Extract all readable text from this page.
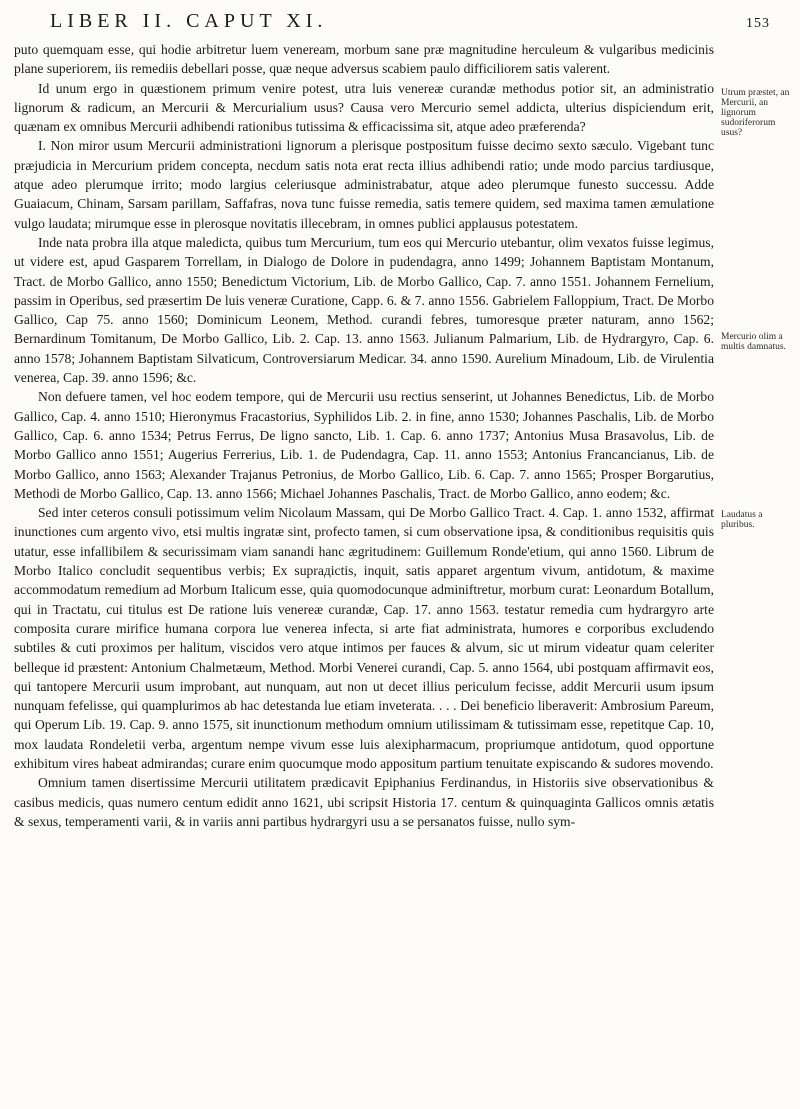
LIBER II. CAPUT XI.	153

puto quemquam esse, qui hodie arbitretur luem veneream, morbum sane præ magnitudine herculeum & vulgaribus medicinis plane superiorem, iis remediis debellari posse, quæ neque adversus scabiem paulo difficiliorem satis valerent.

Id unum ergo in quæstionem primum venire potest, utra luis venereæ curandæ methodus potior sit, an administratio lignorum & radicum, an Mercurii & Mercurialium usus? Causa vero Mercurio semel addicta, ulterius dispiciendum erit, quænam ex omnibus Mercurii adhibendi rationibus tutissima & efficacissima sit, atque adeo præferenda?

I. Non miror usum Mercurii administrationi lignorum a plerisque postpositum fuisse decimo sexto sæculo. Vigebant tunc præjudicia in Mercurium pridem concepta, necdum satis nota erat recta illius adhibendi ratio; unde modo parcius tardiusque, atque adeo plerumque irrito; modo largius celeriusque administrabatur, atque adeo plerumque funesto successu. Adde Guaiacum, Chinam, Sarsam parillam, Saffafras, nova tunc fuisse remedia, satis temere quidem, sed maxima tamen æmulatione vulgo laudata; mirumque esse in plerosque novitatis illecebram, in omnes publici applausus potestatem.

Inde nata probra illa atque maledicta, quibus tum Mercurium, tum eos qui Mercurio utebantur, olim vexatos fuisse legimus, ut videre est, apud Gasparem Torrellam, in Dialogo de Dolore in pudendagra, anno 1499; Johannem Baptistam Montanum, Tract. de Morbo Gallico, anno 1550; Benedictum Victorium, Lib. de Morbo Gallico, Cap. 7. anno 1551. Johannem Fernelium, passim in Operibus, sed præsertim De luis veneræ Curatione, Capp. 6. & 7. anno 1556. Gabrielem Falloppium, Tract. De Morbo Gallico, Cap 75. anno 1560; Dominicum Leonem, Method. curandi febres, tumoresque præter naturam, anno 1562; Bernardinum Tomitanum, De Morbo Gallico, Lib. 2. Cap. 13. anno 1563. Julianum Palmarium, Lib. de Hydrargyro, Cap. 6. anno 1578; Johannem Baptistam Silvaticum, Controversiarum Medicar. 34. anno 1590. Aurelium Minadoum, Lib. de Virulentia venerea, Cap. 39. anno 1596; &c.

Non defuere tamen, vel hoc eodem tempore, qui de Mercurii usu rectius senserint, ut Johannes Benedictus, Lib. de Morbo Gallico, Cap. 4. anno 1510; Hieronymus Fracastorius, Syphilidos Lib. 2. in fine, anno 1530; Johannes Paschalis, Lib. de Morbo Gallico, Cap. 6. anno 1534; Petrus Ferrus, De ligno sancto, Lib. 1. Cap. 6. anno 1737; Antonius Musa Brasavolus, Lib. de Morbo Gallico anno 1551; Augerius Ferrerius, Lib. 1. de Pudendagra, Cap. 11. anno 1553; Antonius Francancianus, Lib. de Morbo Gallico, anno 1563; Alexander Trajanus Petronius, de Morbo Gallico, Lib. 6. Cap. 7. anno 1565; Prosper Borgarutius, Methodi de Morbo Gallico, Cap. 13. anno 1566; Michael Johannes Paschalis, Tract. de Morbo Gallico, anno eodem; &c.

Sed inter ceteros consuli potissimum velim Nicolaum Massam, qui De Morbo Gallico Tract. 4. Cap. 1. anno 1532, affirmat inunctiones cum argento vivo, etsi multis ingratæ sint, profecto tamen, si cum observatione ipsa, & conditionibus requisitis quis utatur, esse infallibilem & securissimam viam sanandi hanc ægritudinem: Guillemum Ronde'etium, qui anno 1560. Librum de Morbo Italico concludit sequentibus verbis; Ex suprадictis, inquit, satis apparet argentum vivum, antidotum, & maxime accommodatum remedium ad Morbum Italicum esse, quia quomodocunque adminiftretur, morbum curat: Leonardum Botallum, qui in Tractatu, cui titulus est De ratione luis venereæ curandæ, Cap. 17. anno 1563. testatur remedia cum hydrargyro arte composita curare mirifice humana corpora lue venerea infecta, si arte fiat administrata, humores e corporibus excludendo subtiles & cuti proximos per halitum, viscidos vero atque intimos per fauces & alvum, sic ut mirum videatur quam celeriter belleque id præstent: Antonium Chalmetæum, Method. Morbi Venerei curandi, Cap. 5. anno 1564, ubi postquam affirmavit eos, qui tantopere Mercurii usum improbant, aut nunquam, aut non ut decet illius periculum fecisse, addit Mercurii usum ipsum nunquam fefelisse, qui quamplurimos ab hac detestanda lue etiam inveterata. . . . Dei beneficio liberaverit: Ambrosium Pareum, qui Operum Lib. 19. Cap. 9. anno 1575, sit inunctionum methodum omnium utilissimam & tutissimam esse, repetitque Cap. 10, mox laudata Rondeletii verba, argentum nempe vivum esse luis alexipharmacum, propriumque antidotum, quod opportune exhibitum vires habeat admirandas; curare enim quocumque modo appositum partium tenuitate expiscando & sudores movendo.

Omnium tamen disertissime Mercurii utilitatem prædicavit Epiphanius Ferdinandus, in Historiis sive observationibus & casibus medicis, quas numero centum edidit anno 1621, ubi scripsit Historia 17. centum & quinquaginta Gallicos omnis ætatis & sexus, temperamenti varii, & in variis anni partibus hydrargyri usu a se persanatos fuisse, nullo sym-

Utrum præstet, an Mercurii, an lignorum sudoriferorum usus?
Mercurio olim a multis damnatus.
Laudatus a pluribus.
